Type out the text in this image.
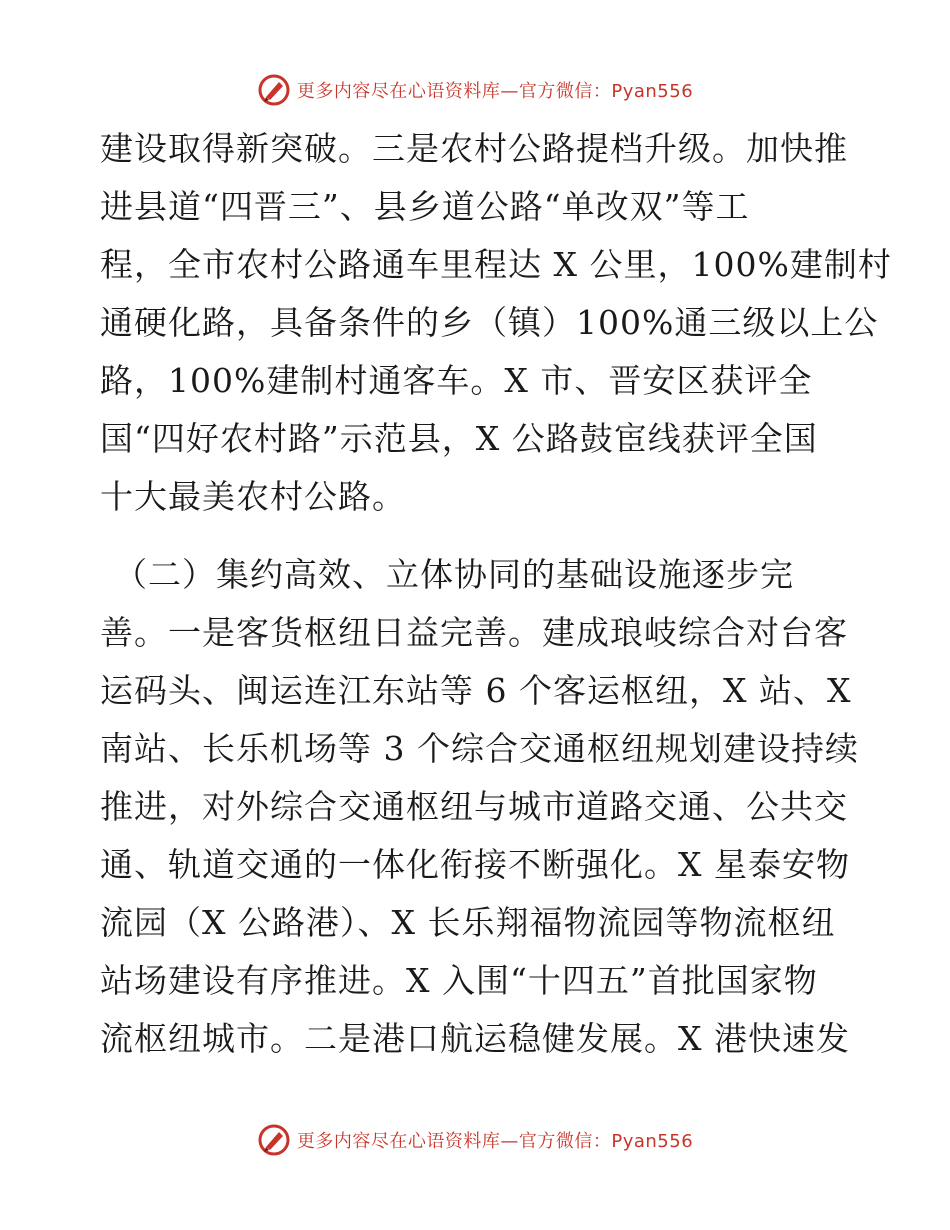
更多内容尽在心语资料库—官方微信：Pyan556
建设取得新突破。三是农村公路提档升级。加快推
进县道“四晋三”、县乡道公路“单改双”等工
程，全市农村公路通车里程达 X 公里，100%建制村
通硬化路，具备条件的乡（镇）100%通三级以上公
路，100%建制村通客车。X 市、晋安区获评全
国“四好农村路”示范县，X 公路鼓宦线获评全国
十大最美农村公路。
（二）集约高效、立体协同的基础设施逐步完
善。一是客货枢纽日益完善。建成琅岐综合对台客
运码头、闽运连江东站等 6 个客运枢纽，X 站、X
南站、长乐机场等 3 个综合交通枢纽规划建设持续
推进，对外综合交通枢纽与城市道路交通、公共交
通、轨道交通的一体化衔接不断强化。X 星泰安物
流园（X 公路港）、X 长乐翔福物流园等物流枢纽
站场建设有序推进。X 入围“十四五”首批国家物
流枢纽城市。二是港口航运稳健发展。X 港快速发
更多内容尽在心语资料库—官方微信：Pyan556
